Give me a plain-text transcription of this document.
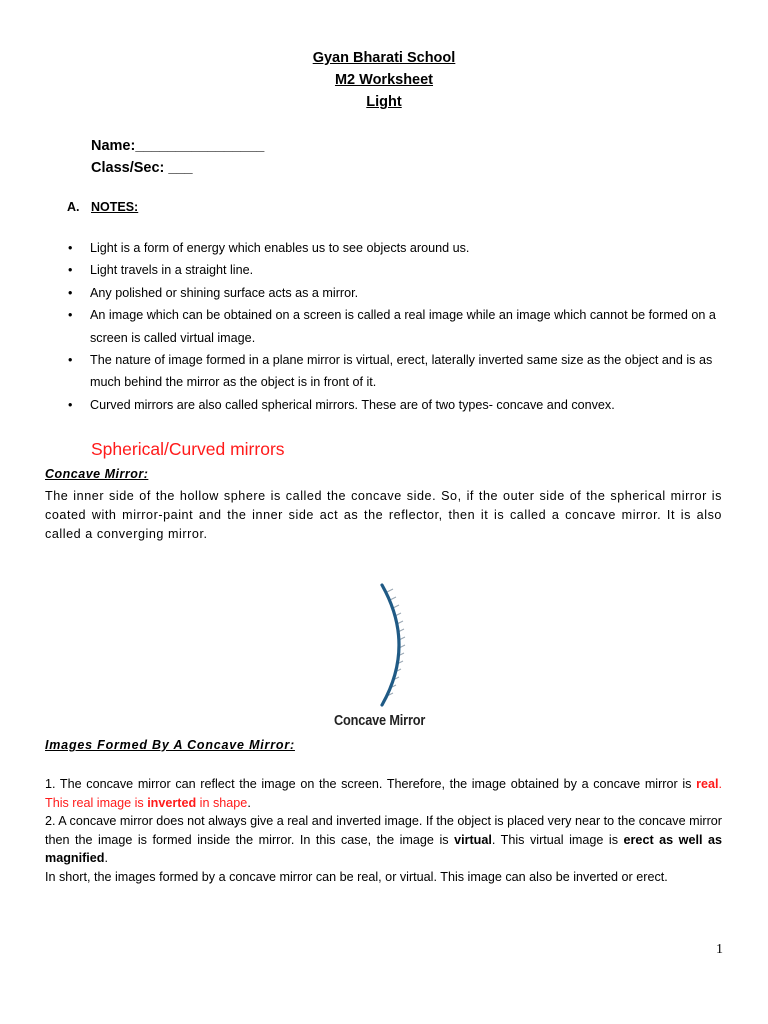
Gyan Bharati School
M2 Worksheet
Light
Name:________________
Class/Sec: ___
A. NOTES:
• Light is a form of energy which enables us to see objects around us.
• Light travels in a straight line.
• Any polished or shining surface acts as a mirror.
• An image which can be obtained on a screen is called a real image while an image which cannot be formed on a screen is called virtual image.
• The nature of image formed in a plane mirror is virtual, erect, laterally inverted same size as the object and is as much behind the mirror as the object is in front of it.
• Curved mirrors are also called spherical mirrors. These are of two types- concave and convex.
Spherical/Curved mirrors
Concave Mirror:
The inner side of the hollow sphere is called the concave side. So, if the outer side of the spherical mirror is coated with mirror-paint and the inner side act as the reflector, then it is called a concave mirror. It is also called a converging mirror.
Concave Mirror
Images Formed By A Concave Mirror:
1. The concave mirror can reflect the image on the screen. Therefore, the image obtained by a concave mirror is real. This real image is inverted in shape.
2. A concave mirror does not always give a real and inverted image. If the object is placed very near to the concave mirror then the image is formed inside the mirror. In this case, the image is virtual. This virtual image is erect as well as magnified.
In short, the images formed by a concave mirror can be real, or virtual. This image can also be inverted or erect.
1
